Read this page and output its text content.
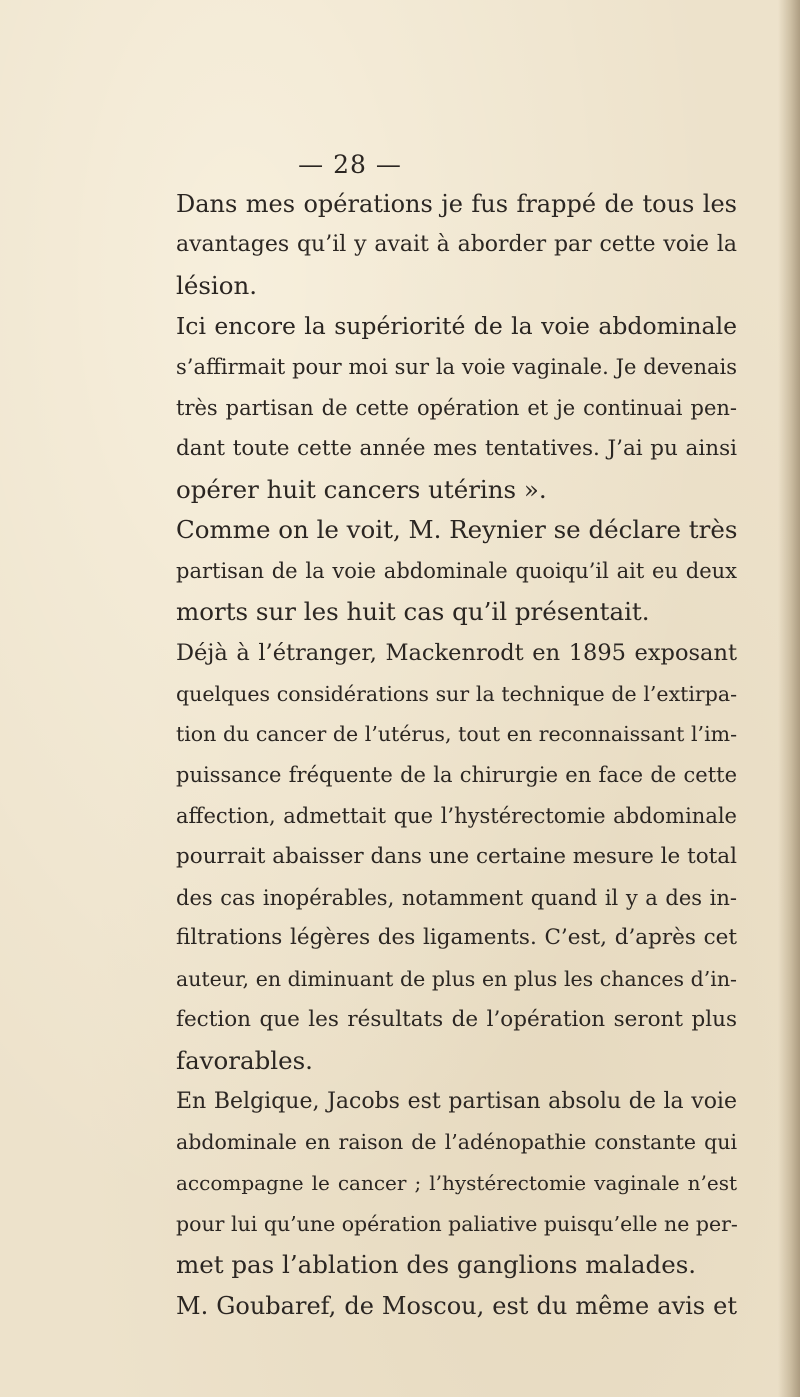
— 28 —

Dans mes opérations je fus frappé de tous les
avantages qu’il y avait à aborder par cette voie la
lésion.

Ici encore la supériorité de la voie abdominale
s’affirmait pour moi sur la voie vaginale. Je devenais
très partisan de cette opération et je continuai pen-
dant toute cette année mes tentatives. J’ai pu ainsi
opérer huit cancers utérins ».

Comme on le voit, M. Reynier se déclare très
partisan de la voie abdominale quoiqu’il ait eu deux
morts sur les huit cas qu’il présentait.

Déjà à l’étranger, Mackenrodt en 1895 exposant
quelques considérations sur la technique de l’extirpa-
tion du cancer de l’utérus, tout en reconnaissant l’im-
puissance fréquente de la chirurgie en face de cette
affection, admettait que l’hystérectomie abdominale
pourrait abaisser dans une certaine mesure le total
des cas inopérables, notamment quand il y a des in-
filtrations légères des ligaments. C’est, d’après cet
auteur, en diminuant de plus en plus les chances d’in-
fection que les résultats de l’opération seront plus
favorables.

En Belgique, Jacobs est partisan absolu de la voie
abdominale en raison de l’adénopathie constante qui
accompagne le cancer ; l’hystérectomie vaginale n’est
pour lui qu’une opération paliative puisqu’elle ne per-
met pas l’ablation des ganglions malades.

M. Goubaref, de Moscou, est du même avis et
